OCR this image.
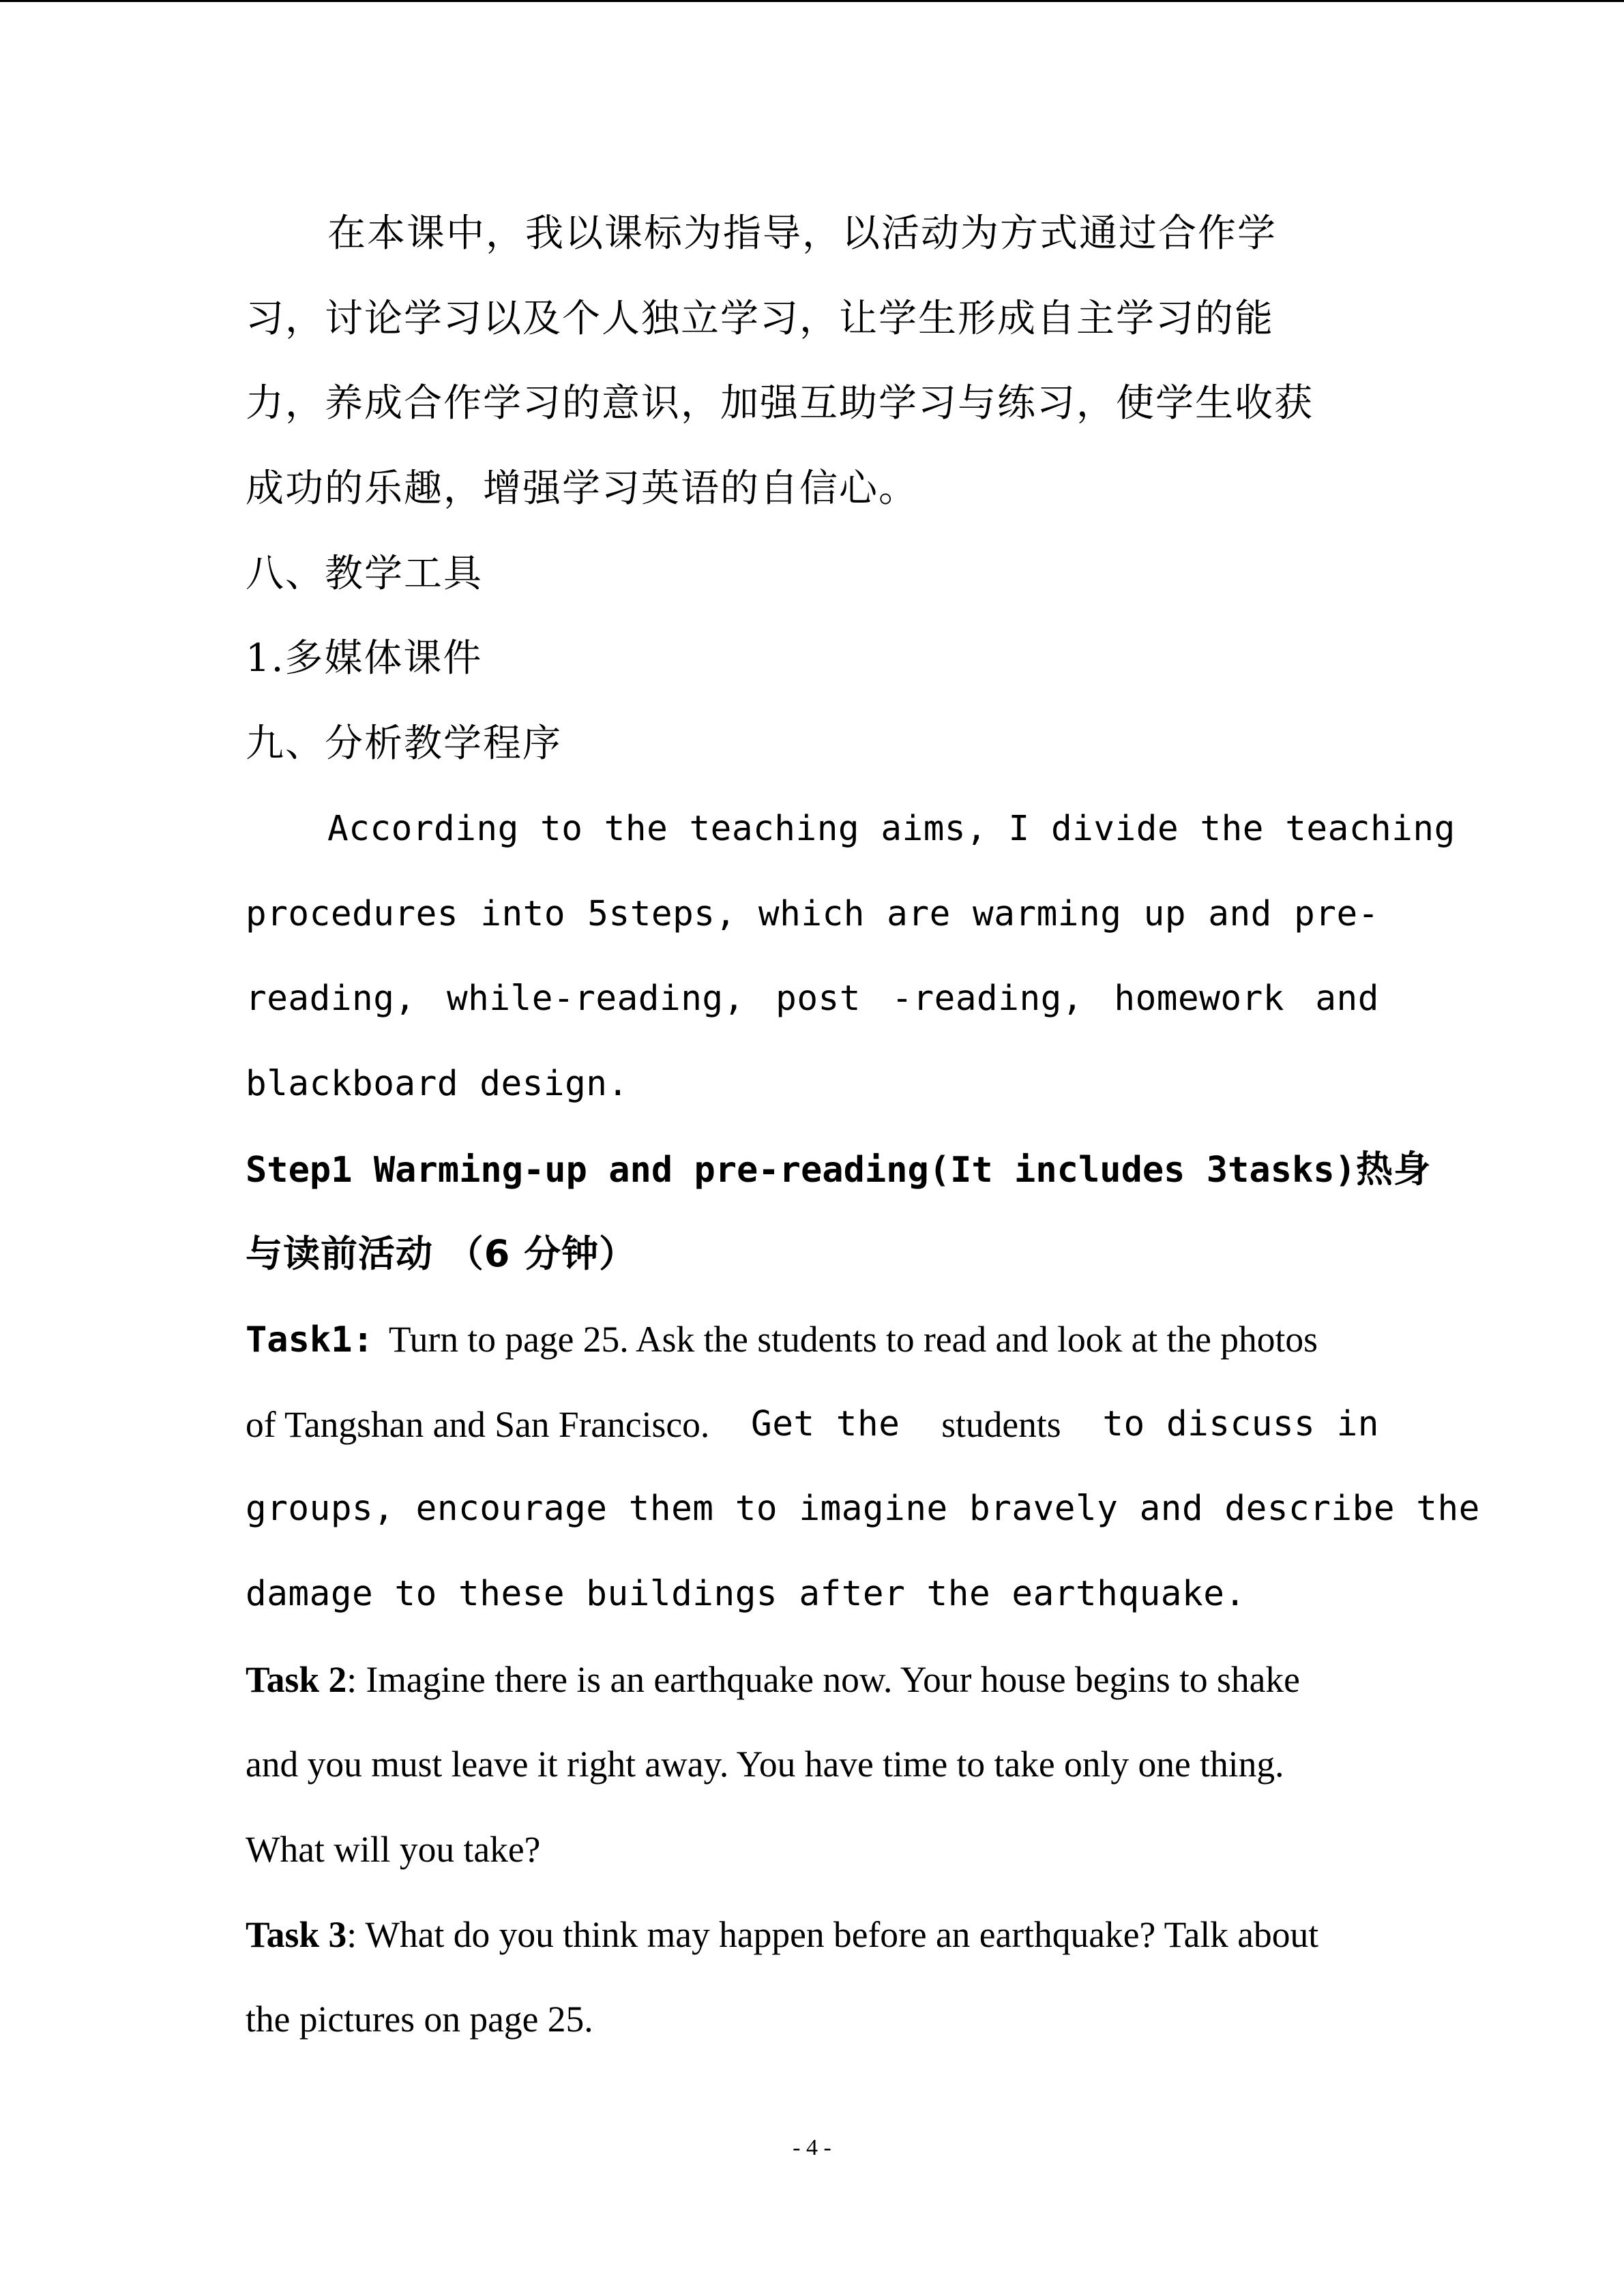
在本课中，我以课标为指导，以活动为方式通过合作学
习，讨论学习以及个人独立学习，让学生形成自主学习的能
力，养成合作学习的意识，加强互助学习与练习，使学生收获
成功的乐趣，增强学习英语的自信心。
八、教学工具
1.多媒体课件
九、分析教学程序
According to the teaching aims, I divide the teaching
procedures into 5steps, which are warming up and pre-
reading, while-reading, post -reading, homework and
blackboard design.
Step1 Warming-up and pre-reading(It includes 3tasks)热身
与读前活动 （6 分钟）
Task1: Turn to page 25. Ask the students to read and look at the photos
of Tangshan and San Francisco. Get the students to discuss in
groups, encourage them to imagine bravely and describe the
damage to these buildings after the earthquake.
Task 2: Imagine there is an earthquake now. Your house begins to shake
and you must leave it right away. You have time to take only one thing.
What will you take?
Task 3: What do you think may happen before an earthquake? Talk about
the pictures on page 25.
- 4 -
